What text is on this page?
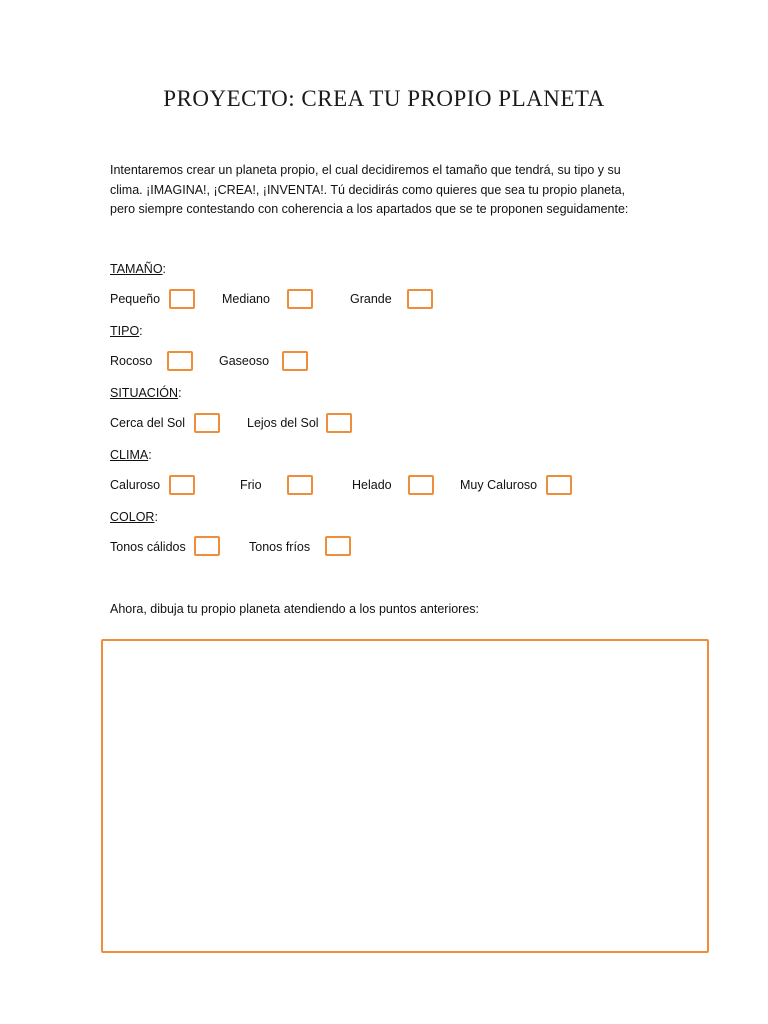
PROYECTO: CREA TU PROPIO PLANETA
Intentaremos crear un planeta propio, el cual decidiremos el tamaño que tendrá, su tipo y su
clima. ¡IMAGINA!, ¡CREA!, ¡INVENTA!. Tú decidirás como quieres que sea tu propio planeta,
pero siempre contestando con coherencia a los apartados que se te proponen seguidamente:
TAMAÑO:
Pequeño	Mediano	Grande
TIPO:
Rocoso	Gaseoso
SITUACIÓN:
Cerca del Sol	Lejos del Sol
CLIMA:
Caluroso	Frio	Helado	Muy Caluroso
COLOR:
Tonos cálidos	Tonos fríos
Ahora, dibuja tu propio planeta atendiendo a los puntos anteriores:
